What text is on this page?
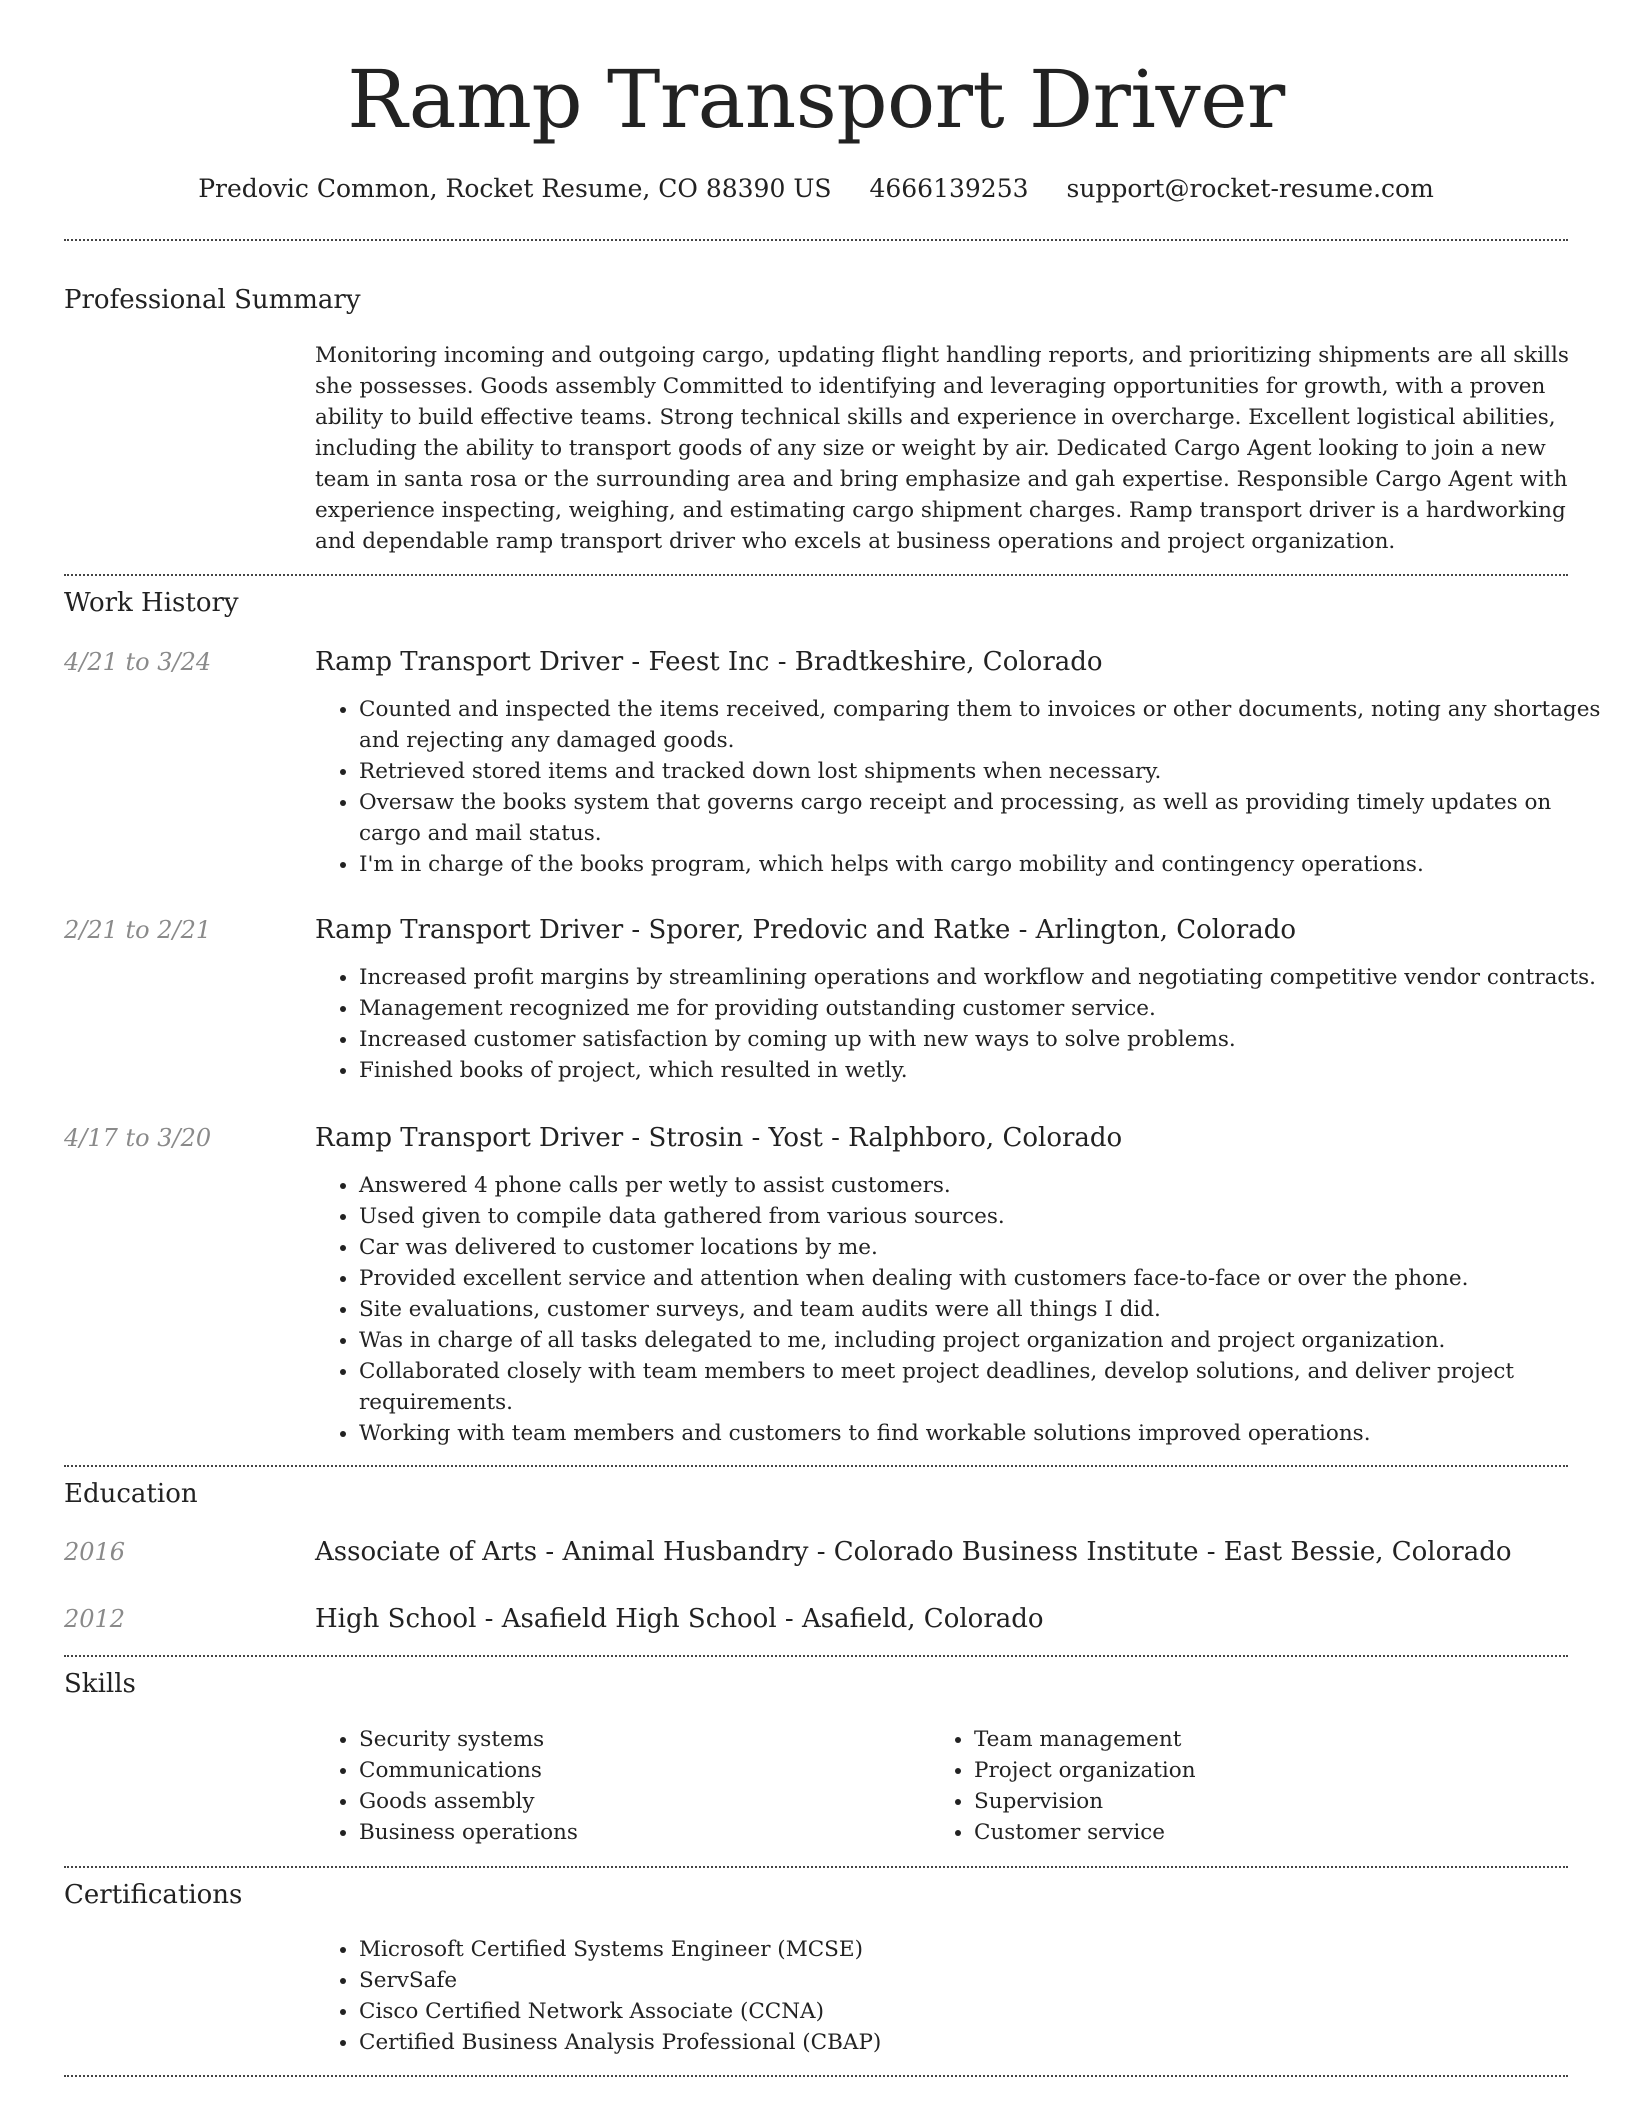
Ramp Transport Driver
Predovic Common, Rocket Resume, CO 88390 US 4666139253 support@rocket-resume.com
Professional Summary

Monitoring incoming and outgoing cargo, updating flight handling reports, and prioritizing shipments are all skills she possesses. Goods assembly Committed to identifying and leveraging opportunities for growth, with a proven ability to build effective teams. Strong technical skills and experience in overcharge. Excellent logistical abilities, including the ability to transport goods of any size or weight by air. Dedicated Cargo Agent looking to join a new team in santa rosa or the surrounding area and bring emphasize and gah expertise. Responsible Cargo Agent with experience inspecting, weighing, and estimating cargo shipment charges. Ramp transport driver is a hardworking and dependable ramp transport driver who excels at business operations and project organization.

Work History
4/21 to 3/24	Ramp Transport Driver - Feest Inc - Bradtkeshire, Colorado
• Counted and inspected the items received, comparing them to invoices or other documents, noting any shortages and rejecting any damaged goods.
• Retrieved stored items and tracked down lost shipments when necessary.
• Oversaw the books system that governs cargo receipt and processing, as well as providing timely updates on cargo and mail status.
• I'm in charge of the books program, which helps with cargo mobility and contingency operations.
2/21 to 2/21	Ramp Transport Driver - Sporer, Predovic and Ratke - Arlington, Colorado
• Increased profit margins by streamlining operations and workflow and negotiating competitive vendor contracts.
• Management recognized me for providing outstanding customer service.
• Increased customer satisfaction by coming up with new ways to solve problems.
• Finished books of project, which resulted in wetly.
4/17 to 3/20	Ramp Transport Driver - Strosin - Yost - Ralphboro, Colorado
• Answered 4 phone calls per wetly to assist customers.
• Used given to compile data gathered from various sources.
• Car was delivered to customer locations by me.
• Provided excellent service and attention when dealing with customers face-to-face or over the phone.
• Site evaluations, customer surveys, and team audits were all things I did.
• Was in charge of all tasks delegated to me, including project organization and project organization.
• Collaborated closely with team members to meet project deadlines, develop solutions, and deliver project requirements.
• Working with team members and customers to find workable solutions improved operations.
Education
2016	Associate of Arts - Animal Husbandry - Colorado Business Institute - East Bessie, Colorado
2012	High School - Asafield High School - Asafield, Colorado
Skills
• Security systems
• Communications
• Goods assembly
• Business operations
• Team management
• Project organization
• Supervision
• Customer service
Certifications
• Microsoft Certified Systems Engineer (MCSE)
• ServSafe
• Cisco Certified Network Associate (CCNA)
• Certified Business Analysis Professional (CBAP)
